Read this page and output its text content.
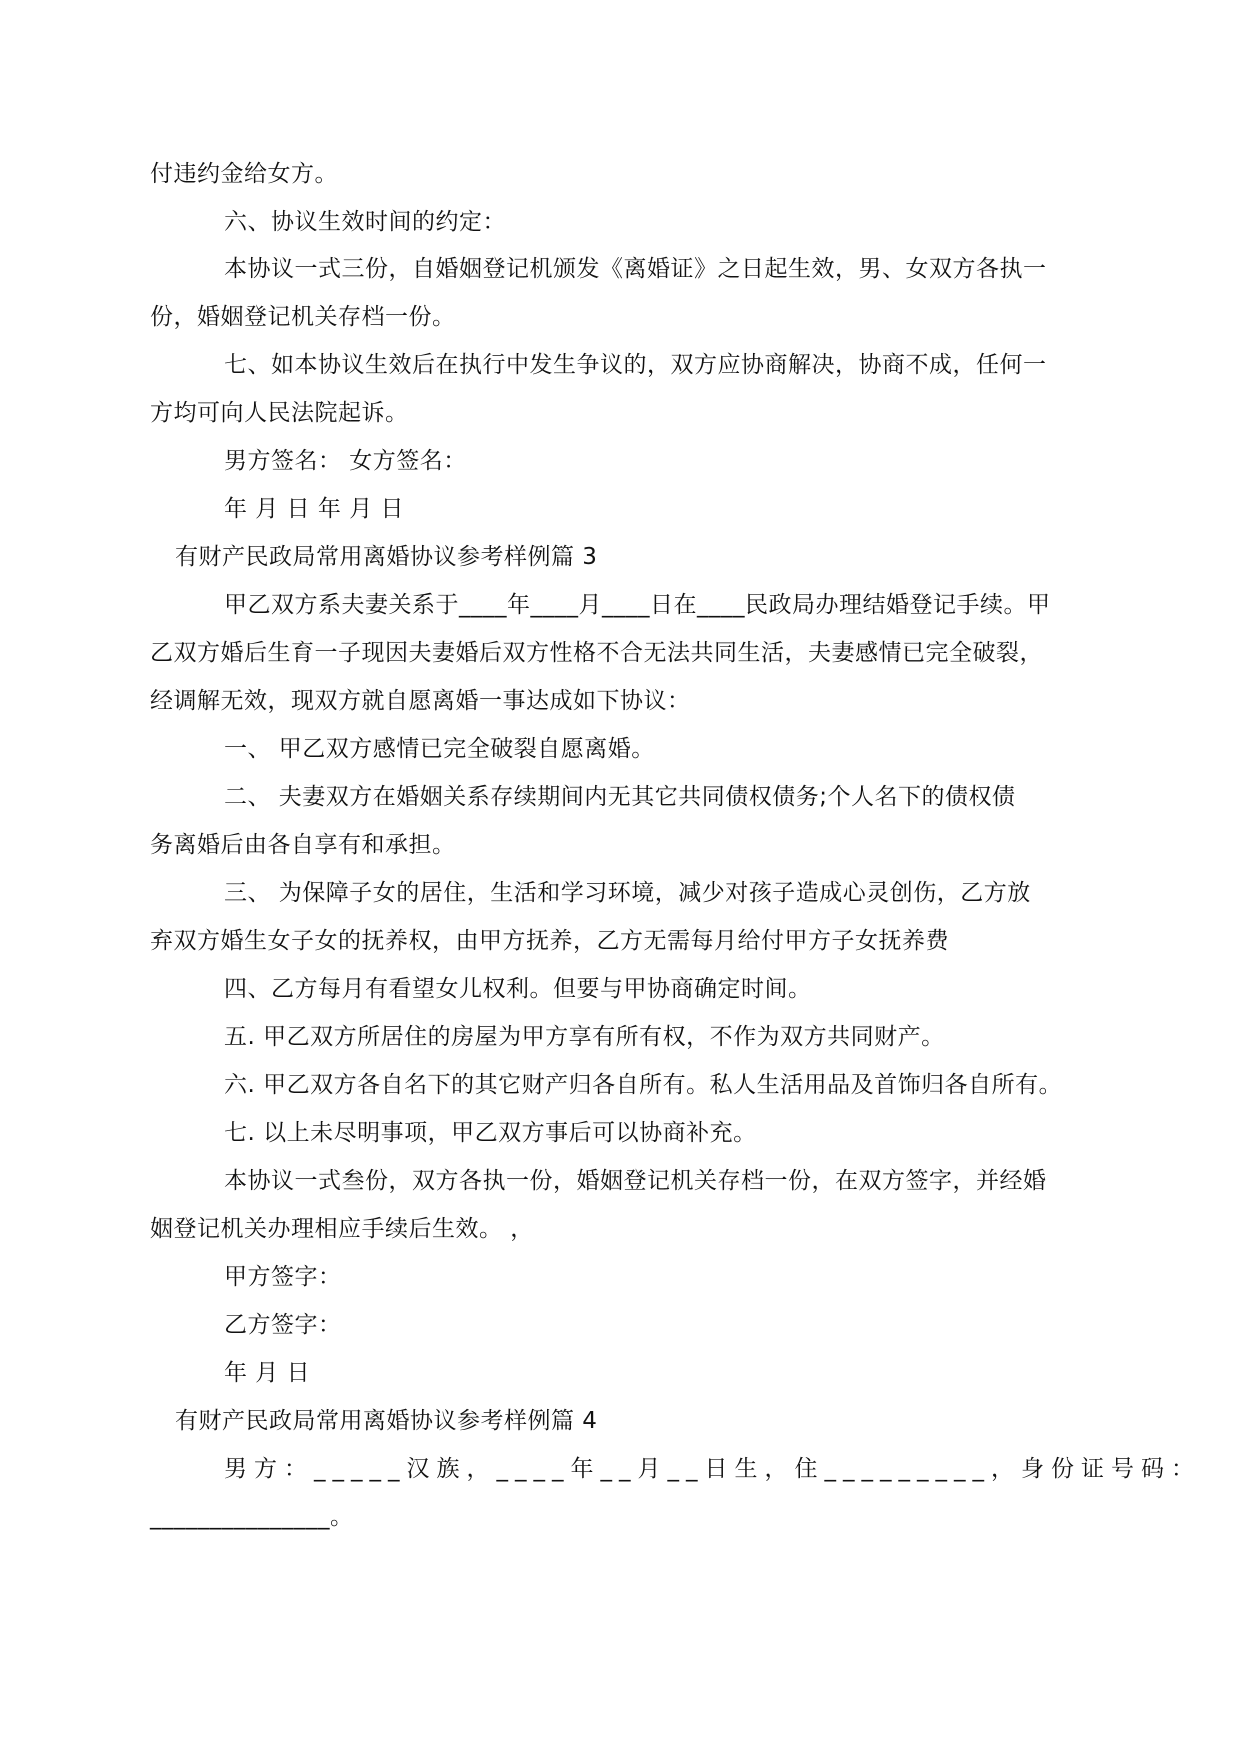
付违约金给女方。
六、协议生效时间的约定：
本协议一式三份，自婚姻登记机颁发《离婚证》之日起生效，男、女双方各执一
份，婚姻登记机关存档一份。
七、如本协议生效后在执行中发生争议的，双方应协商解决，协商不成，任何一
方均可向人民法院起诉。
男方签名： 女方签名：
年 月 日 年 月 日
有财产民政局常用离婚协议参考样例篇 3
甲乙双方系夫妻关系于____年____月____日在____民政局办理结婚登记手续。甲
乙双方婚后生育一子现因夫妻婚后双方性格不合无法共同生活，夫妻感情已完全破裂，
经调解无效，现双方就自愿离婚一事达成如下协议：
一、 甲乙双方感情已完全破裂自愿离婚。
二、 夫妻双方在婚姻关系存续期间内无其它共同债权债务;个人名下的债权债
务离婚后由各自享有和承担。
三、 为保障子女的居住，生活和学习环境，减少对孩子造成心灵创伤，乙方放
弃双方婚生女子女的抚养权，由甲方抚养，乙方无需每月给付甲方子女抚养费
四、乙方每月有看望女儿权利。但要与甲协商确定时间。
五. 甲乙双方所居住的房屋为甲方享有所有权，不作为双方共同财产。
六. 甲乙双方各自名下的其它财产归各自所有。私人生活用品及首饰归各自所有。
七. 以上未尽明事项，甲乙双方事后可以协商补充。
本协议一式叁份，双方各执一份，婚姻登记机关存档一份，在双方签字，并经婚
姻登记机关办理相应手续后生效。 ，
甲方签字：
乙方签字：
年 月 日
有财产民政局常用离婚协议参考样例篇 4
男方：_____汉族，____年__月__日生，住_________，身份证号码：
_______________。
